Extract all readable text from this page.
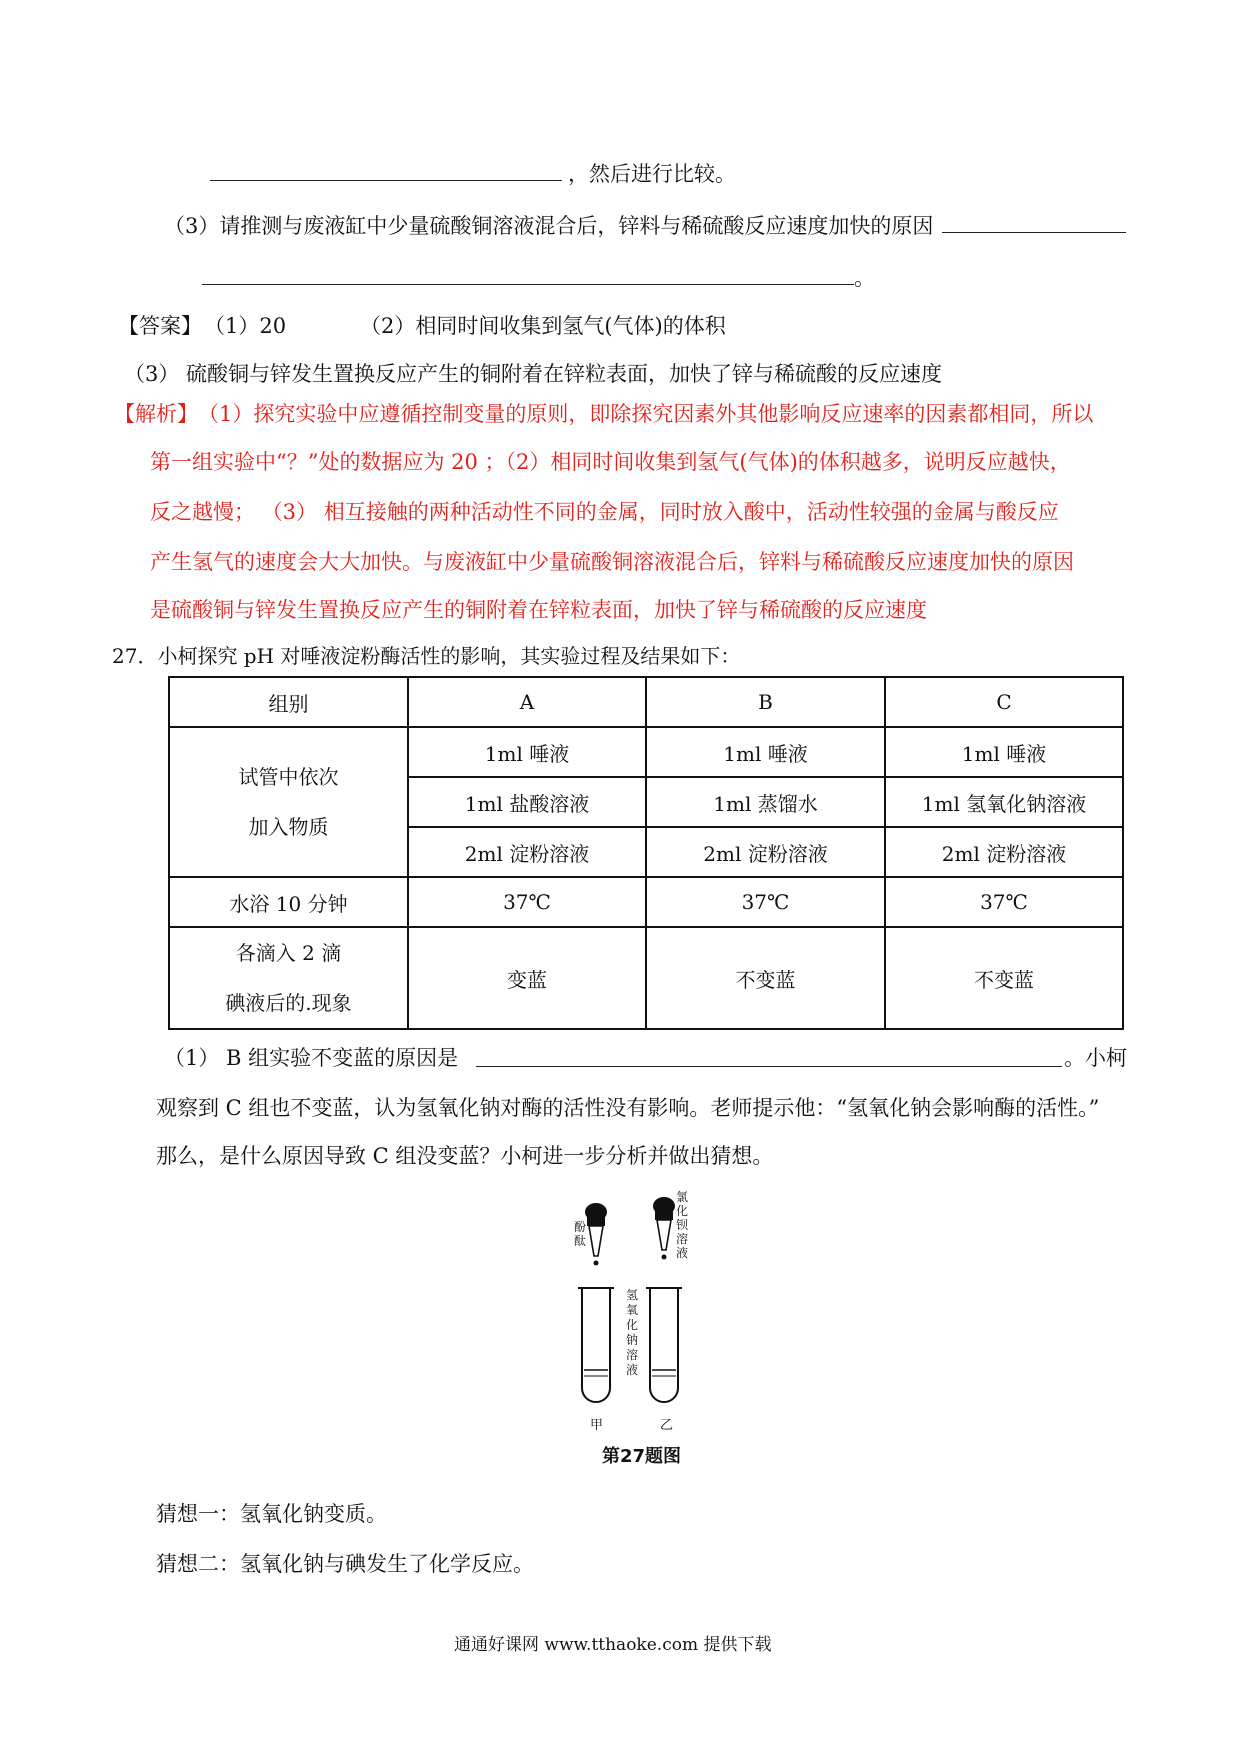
，然后进行比较。
（3）请推测与废液缸中少量硫酸铜溶液混合后，锌料与稀硫酸反应速度加快的原因
。
【答案】 （1）20	（2）相同时间收集到氢气(气体)的体积
（3） 硫酸铜与锌发生置换反应产生的铜附着在锌粒表面，加快了锌与稀硫酸的反应速度
【解析】 （1）探究实验中应遵循控制变量的原则，即除探究因素外其他影响反应速率的因素都相同，所以
第一组实验中“？”处的数据应为 20 ；（2）相同时间收集到氢气(气体)的体积越多，说明反应越快，
反之越慢； （3） 相互接触的两种活动性不同的金属，同时放入酸中，活动性较强的金属与酸反应
产生氢气的速度会大大加快。与废液缸中少量硫酸铜溶液混合后，锌料与稀硫酸反应速度加快的原因
是硫酸铜与锌发生置换反应产生的铜附着在锌粒表面，加快了锌与稀硫酸的反应速度
27．小柯探究 pH 对唾液淀粉酶活性的影响，其实验过程及结果如下：
组别	A	B	C

试管中依次
加入物质	1ml 唾液	1ml 唾液	1ml 唾液
	1ml 盐酸溶液	1ml 蒸馏水	1ml 氢氧化钠溶液
	2ml 淀粉溶液	2ml 淀粉溶液	2ml 淀粉溶液
水浴 10 分钟	37℃	37℃	37℃

各滴入 2 滴
碘液后的.现象	变蓝	不变蓝	不变蓝
（1） B 组实验不变蓝的原因是	。小柯
观察到 C 组也不变蓝，认为氢氧化钠对酶的活性没有影响。老师提示他：“氢氧化钠会影响酶的活性。”
那么，是什么原因导致 C 组没变蓝？小柯进一步分析并做出猜想。
酚酞
氯化钡溶液
氢氧化钠溶液
甲	乙
第27题图
猜想一：氢氧化钠变质。
猜想二：氢氧化钠与碘发生了化学反应。
通通好课网 www.tthaoke.com 提供下载
